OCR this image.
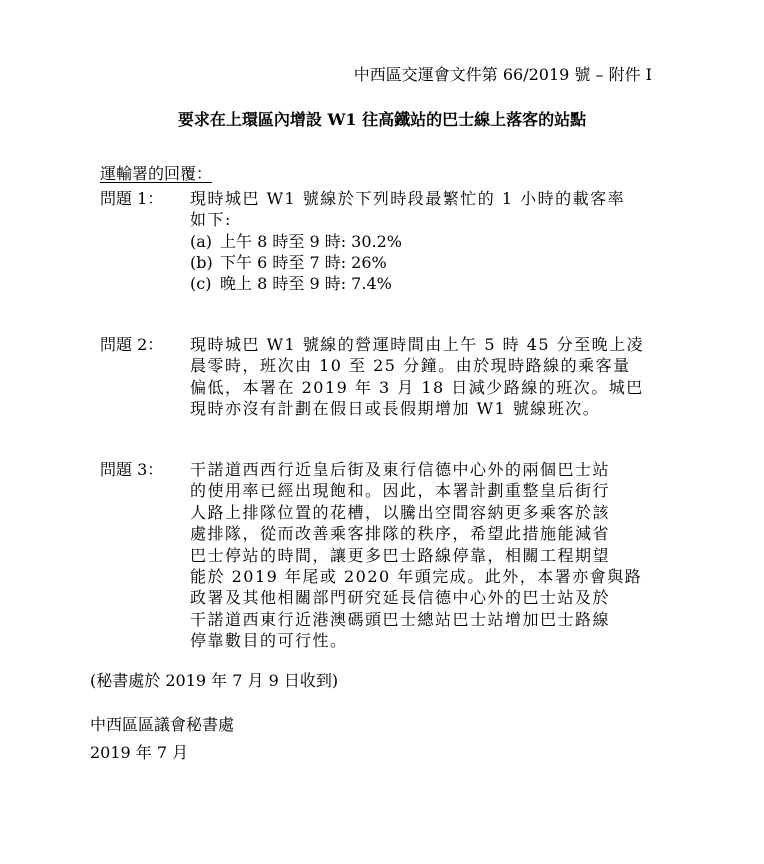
中西區交運會文件第 66/2019 號 – 附件 I
要求在上環區內增設 W1 往高鐵站的巴士線上落客的站點
運輸署的回覆：
問題 1： 現時城巴 W1 號線於下列時段最繁忙的 1 小時的載客率
如下:
(a) 上午 8 時至 9 時: 30.2%
(b) 下午 6 時至 7 時: 26%
(c) 晚上 8 時至 9 時: 7.4%
問題 2： 現時城巴 W1 號線的營運時間由上午 5 時 45 分至晚上凌
晨零時，班次由 10 至 25 分鐘。由於現時路線的乘客量
偏低，本署在 2019 年 3 月 18 日減少路線的班次。城巴
現時亦沒有計劃在假日或長假期增加 W1 號線班次。
問題 3： 干諾道西西行近皇后街及東行信德中心外的兩個巴士站
的使用率已經出現飽和。因此，本署計劃重整皇后街行
人路上排隊位置的花槽，以騰出空間容納更多乘客於該
處排隊，從而改善乘客排隊的秩序，希望此措施能減省
巴士停站的時間，讓更多巴士路線停靠，相關工程期望
能於 2019 年尾或 2020 年頭完成。此外，本署亦會與路
政署及其他相關部門研究延長信德中心外的巴士站及於
干諾道西東行近港澳碼頭巴士總站巴士站增加巴士路線
停靠數目的可行性。
(秘書處於 2019 年 7 月 9 日收到)
中西區區議會秘書處
2019 年 7 月
